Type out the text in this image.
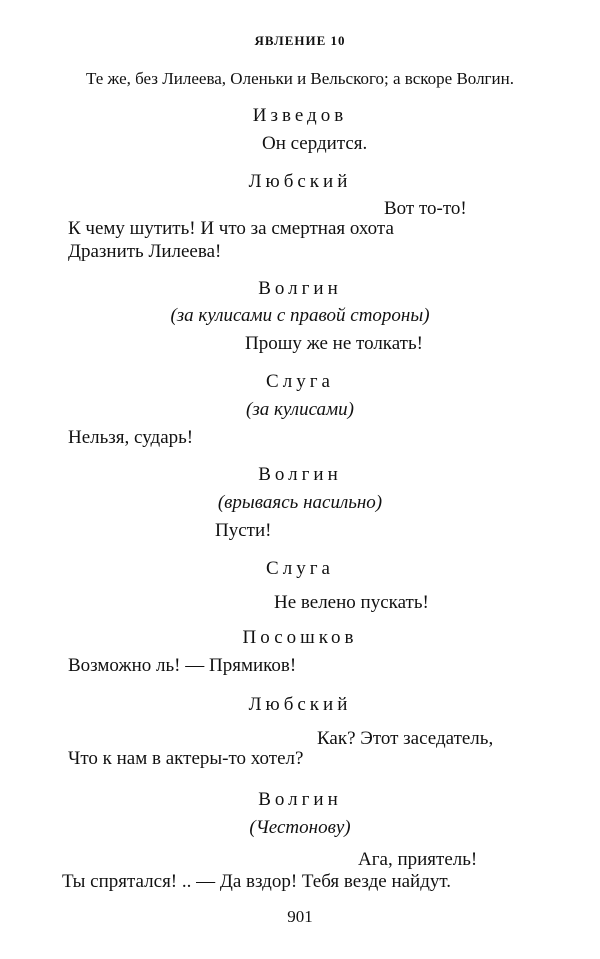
ЯВЛЕНИЕ 10
Те же, без Лилеева, Оленьки и Вельского; а вскоре Волгин.
Изведов
Он сердится.
Любский
Вот то-то!
К чему шутить! И что за смертная охота
Дразнить Лилеева!
Волгин
(за кулисами с правой стороны)
Прошу же не толкать!
Слуга
(за кулисами)
Нельзя, сударь!
Волгин
(врываясь насильно)
Пусти!
Слуга
Не велено пускать!
Посошков
Возможно ль! — Прямиков!
Любский
Как? Этот заседатель,
Что к нам в актеры-то хотел?
Волгин
(Честонову)
Ага, приятель!
Ты спрятался! .. — Да вздор! Тебя везде найдут.
901
